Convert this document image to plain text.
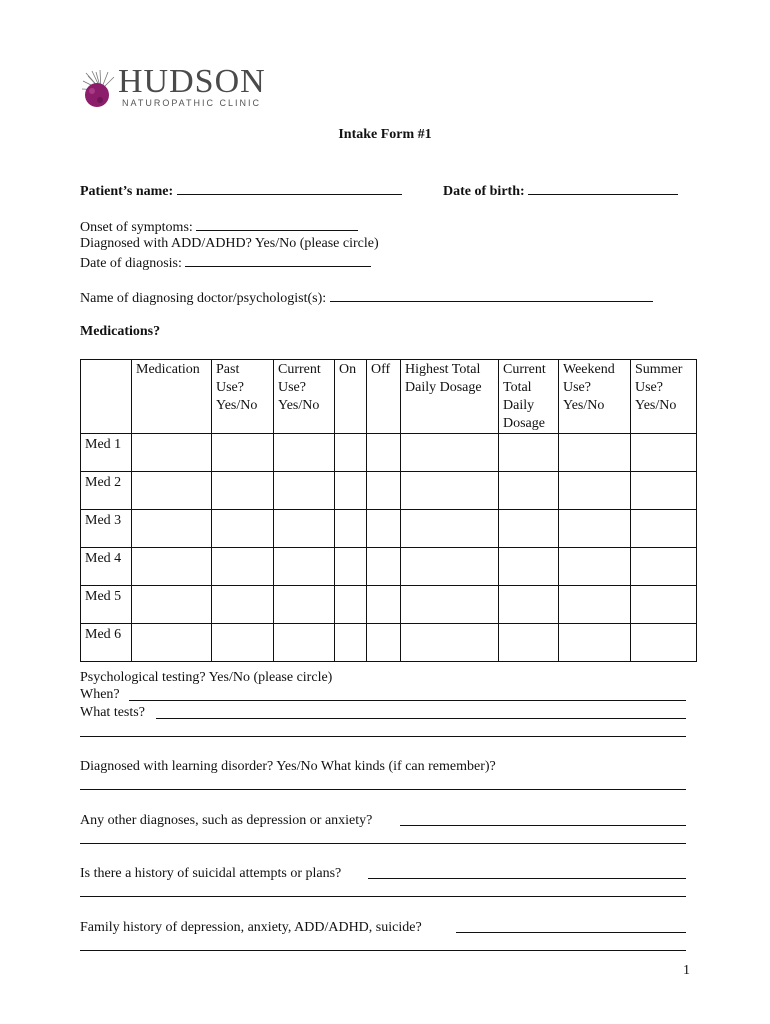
HUDSON
NATUROPATHIC CLINIC
Intake Form #1
Patient’s name:	Date of birth:
Onset of symptoms:
Diagnosed with ADD/ADHD? Yes/No (please circle)
Date of diagnosis:
Name of diagnosing doctor/psychologist(s):
Medications?
	Medication	Past Use? Yes/No	Current Use? Yes/No	On	Off	Highest Total Daily Dosage	Current Total Daily Dosage	Weekend Use? Yes/No	Summer Use? Yes/No
Med 1									
Med 2									
Med 3									
Med 4									
Med 5									
Med 6									
Psychological testing? Yes/No (please circle)
When?
What tests?
Diagnosed with learning disorder? Yes/No What kinds (if can remember)?
Any other diagnoses, such as depression or anxiety?
Is there a history of suicidal attempts or plans?
Family history of depression, anxiety, ADD/ADHD, suicide?
1
